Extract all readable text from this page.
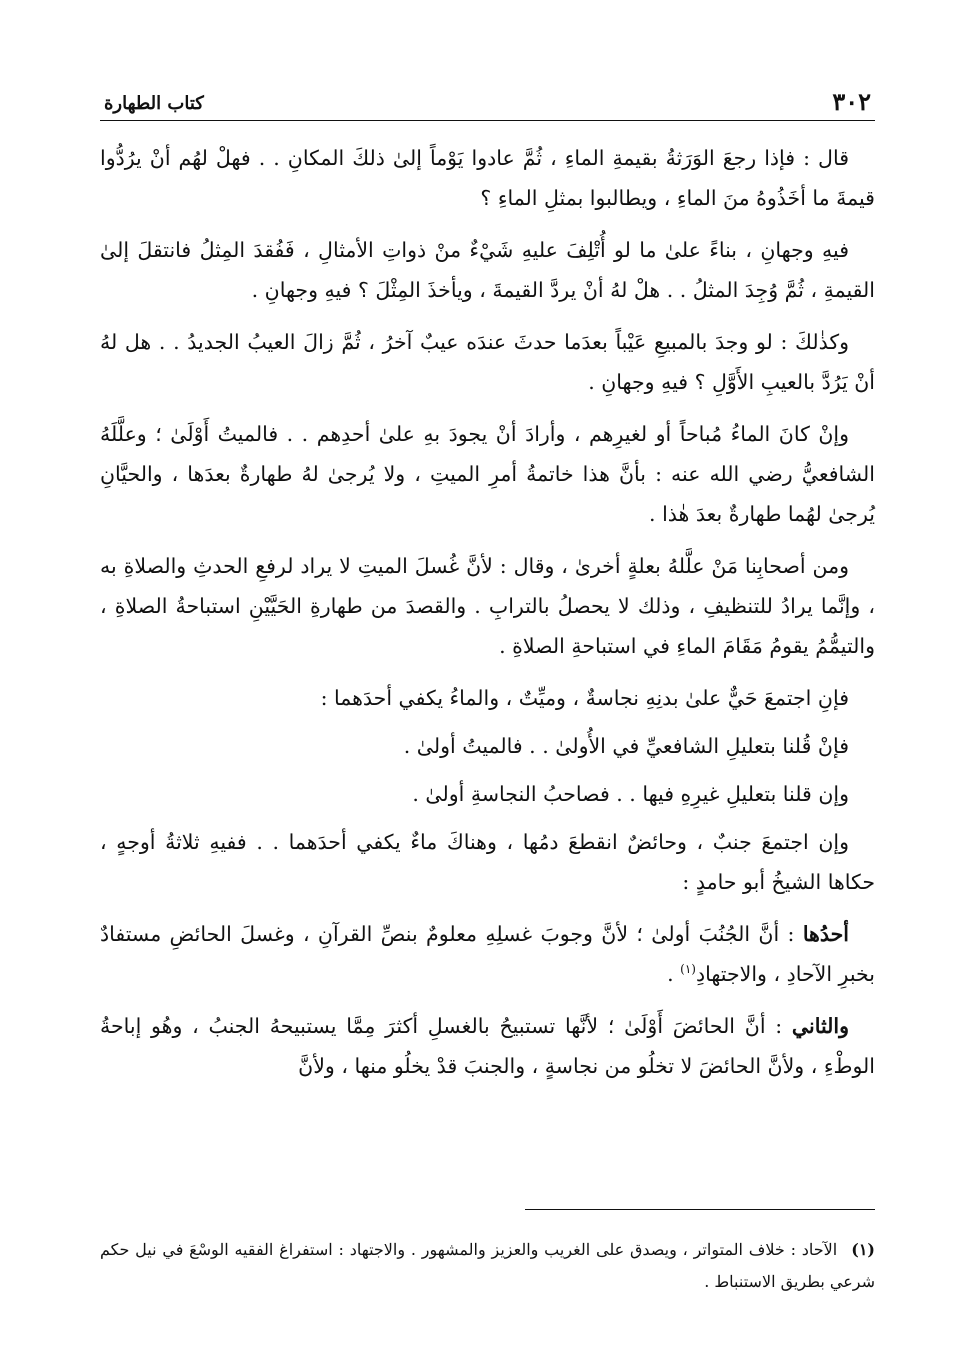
٣٠٢
كتاب الطهارة

قال : فإذا رجعَ الوَرَثةُ بقيمةِ الماءِ ، ثُمَّ عادوا يَوْماً إلىٰ ذلكَ المكانِ . . فهلْ لهُم أنْ يرُدُّوا قيمةَ ما أخَذُوهُ منَ الماءِ ، ويطالبوا بمثلِ الماءِ ؟

فيهِ وجهانِ ، بناءً علىٰ ما لو أُتْلِفَ عليهِ شَيْءٌ منْ ذواتِ الأمثالِ ، فَفُقدَ المِثلُ فانتقلَ إلىٰ القيمةِ ، ثُمَّ وُجِدَ المثلُ . . هلْ لهُ أنْ يردَّ القيمةَ ، ويأخذَ المِثْلَ ؟ فيهِ وجهانِ .

وكذٰلكَ : لو وجدَ بالمبيعِ عَيْباً بعدَما حدثَ عندَه عيبٌ آخرُ ، ثُمَّ زالَ العيبُ الجديدُ . . هل لهُ أنْ يَرُدَّ بالعيبِ الأَوَّلِ ؟ فيهِ وجهانِ .

وإنْ كانَ الماءُ مُباحاً أو لغيرِهم ، وأرادَ أنْ يجودَ بهِ علىٰ أحدِهم . . فالميتُ أَوْلَىٰ ؛ وعلَّلَهُ الشافعيُّ رضي الله عنه : بأنَّ هذا خاتمةُ أمرِ الميتِ ، ولا يُرجىٰ لهُ طهارةٌ بعدَها ، والحيَّانِ يُرجىٰ لهُما طهارةٌ بعدَ هٰذا .

ومن أصحابِنا مَنْ علَّلهُ بعلةٍ أخرىٰ ، وقال : لأنَّ غُسلَ الميتِ لا يراد لرفعِ الحدثِ والصلاةِ به ، وإنَّما يرادُ للتنظيفِ ، وذلك لا يحصلُ بالترابِ . والقصدَ من طهارةِ الحَيَّيْنِ استباحةُ الصلاةِ ، والتيمُّمُ يقومُ مَقَامَ الماءِ في استباحةِ الصلاةِ .

فإنِ اجتمعَ حَيٌّ علىٰ بدنِهِ نجاسةٌ ، وميِّتٌ ، والماءُ يكفي أحدَهما :

فإنْ قُلنا بتعليلِ الشافعيِّ في الأُولىٰ . . فالميتُ أولىٰ .

وإن قلنا بتعليلِ غيرِهِ فيها . . فصاحبُ النجاسةِ أولىٰ .

وإن اجتمعَ جنبٌ ، وحائضٌ انقطعَ دمُها ، وهناكَ ماءٌ يكفي أحدَهما . . ففيهِ ثلاثةُ أوجهٍ ، حكاها الشيخُ أبو حامدٍ :

أحدُها : أنَّ الجُنُبَ أولىٰ ؛ لأنَّ وجوبَ غسلِهِ معلومٌ بنصِّ القرآنِ ، وغسلَ الحائضِ مستفادٌ بخبرِ الآحادِ ، والاجتهادِ$^{(١)}$ .

والثاني : أنَّ الحائضَ أَوْلَىٰ ؛ لأنَّها تستبيحُ بالغسلِ أكثرَ مِمَّا يستبيحهُ الجنبُ ، وهُو إباحةُ الوطْءِ ، ولأنَّ الحائضَ لا تخلُو من نجاسةٍ ، والجنبَ قدْ يخلُو منها ، ولأنَّ

(١)الآحاد : خلاف المتواتر ، ويصدق على الغريب والعزيز والمشهور . والاجتهاد : استفراغ الفقيه الوسْعَ في نيل حكم شرعي بطريق الاستنباط .
